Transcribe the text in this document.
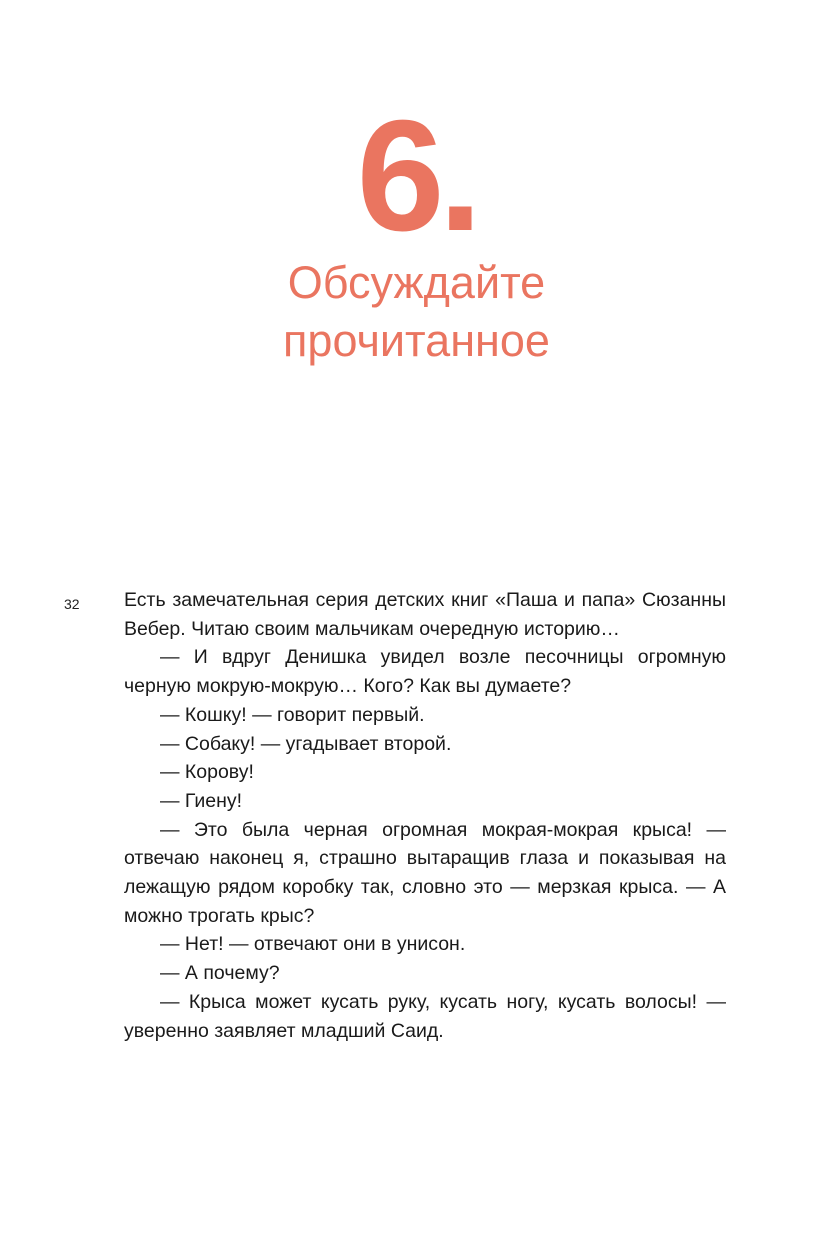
6.
Обсуждайте
прочитанное
32 Есть замечательная серия детских книг «Паша и папа» Сюзанны Вебер. Читаю своим мальчикам очередную историю…

— И вдруг Денишка увидел возле песочницы огромную черную мокрую-мокрую… Кого? Как вы думаете?

— Кошку! — говорит первый.

— Собаку! — угадывает второй.

— Корову!

— Гиену!

— Это была черная огромная мокрая-мокрая крыса! — отвечаю наконец я, страшно вытаращив глаза и показывая на лежащую рядом коробку так, словно это — мерзкая крыса. — А можно трогать крыс?

— Нет! — отвечают они в унисон.

— А почему?

— Крыса может кусать руку, кусать ногу, кусать волосы! — уверенно заявляет младший Саид.
